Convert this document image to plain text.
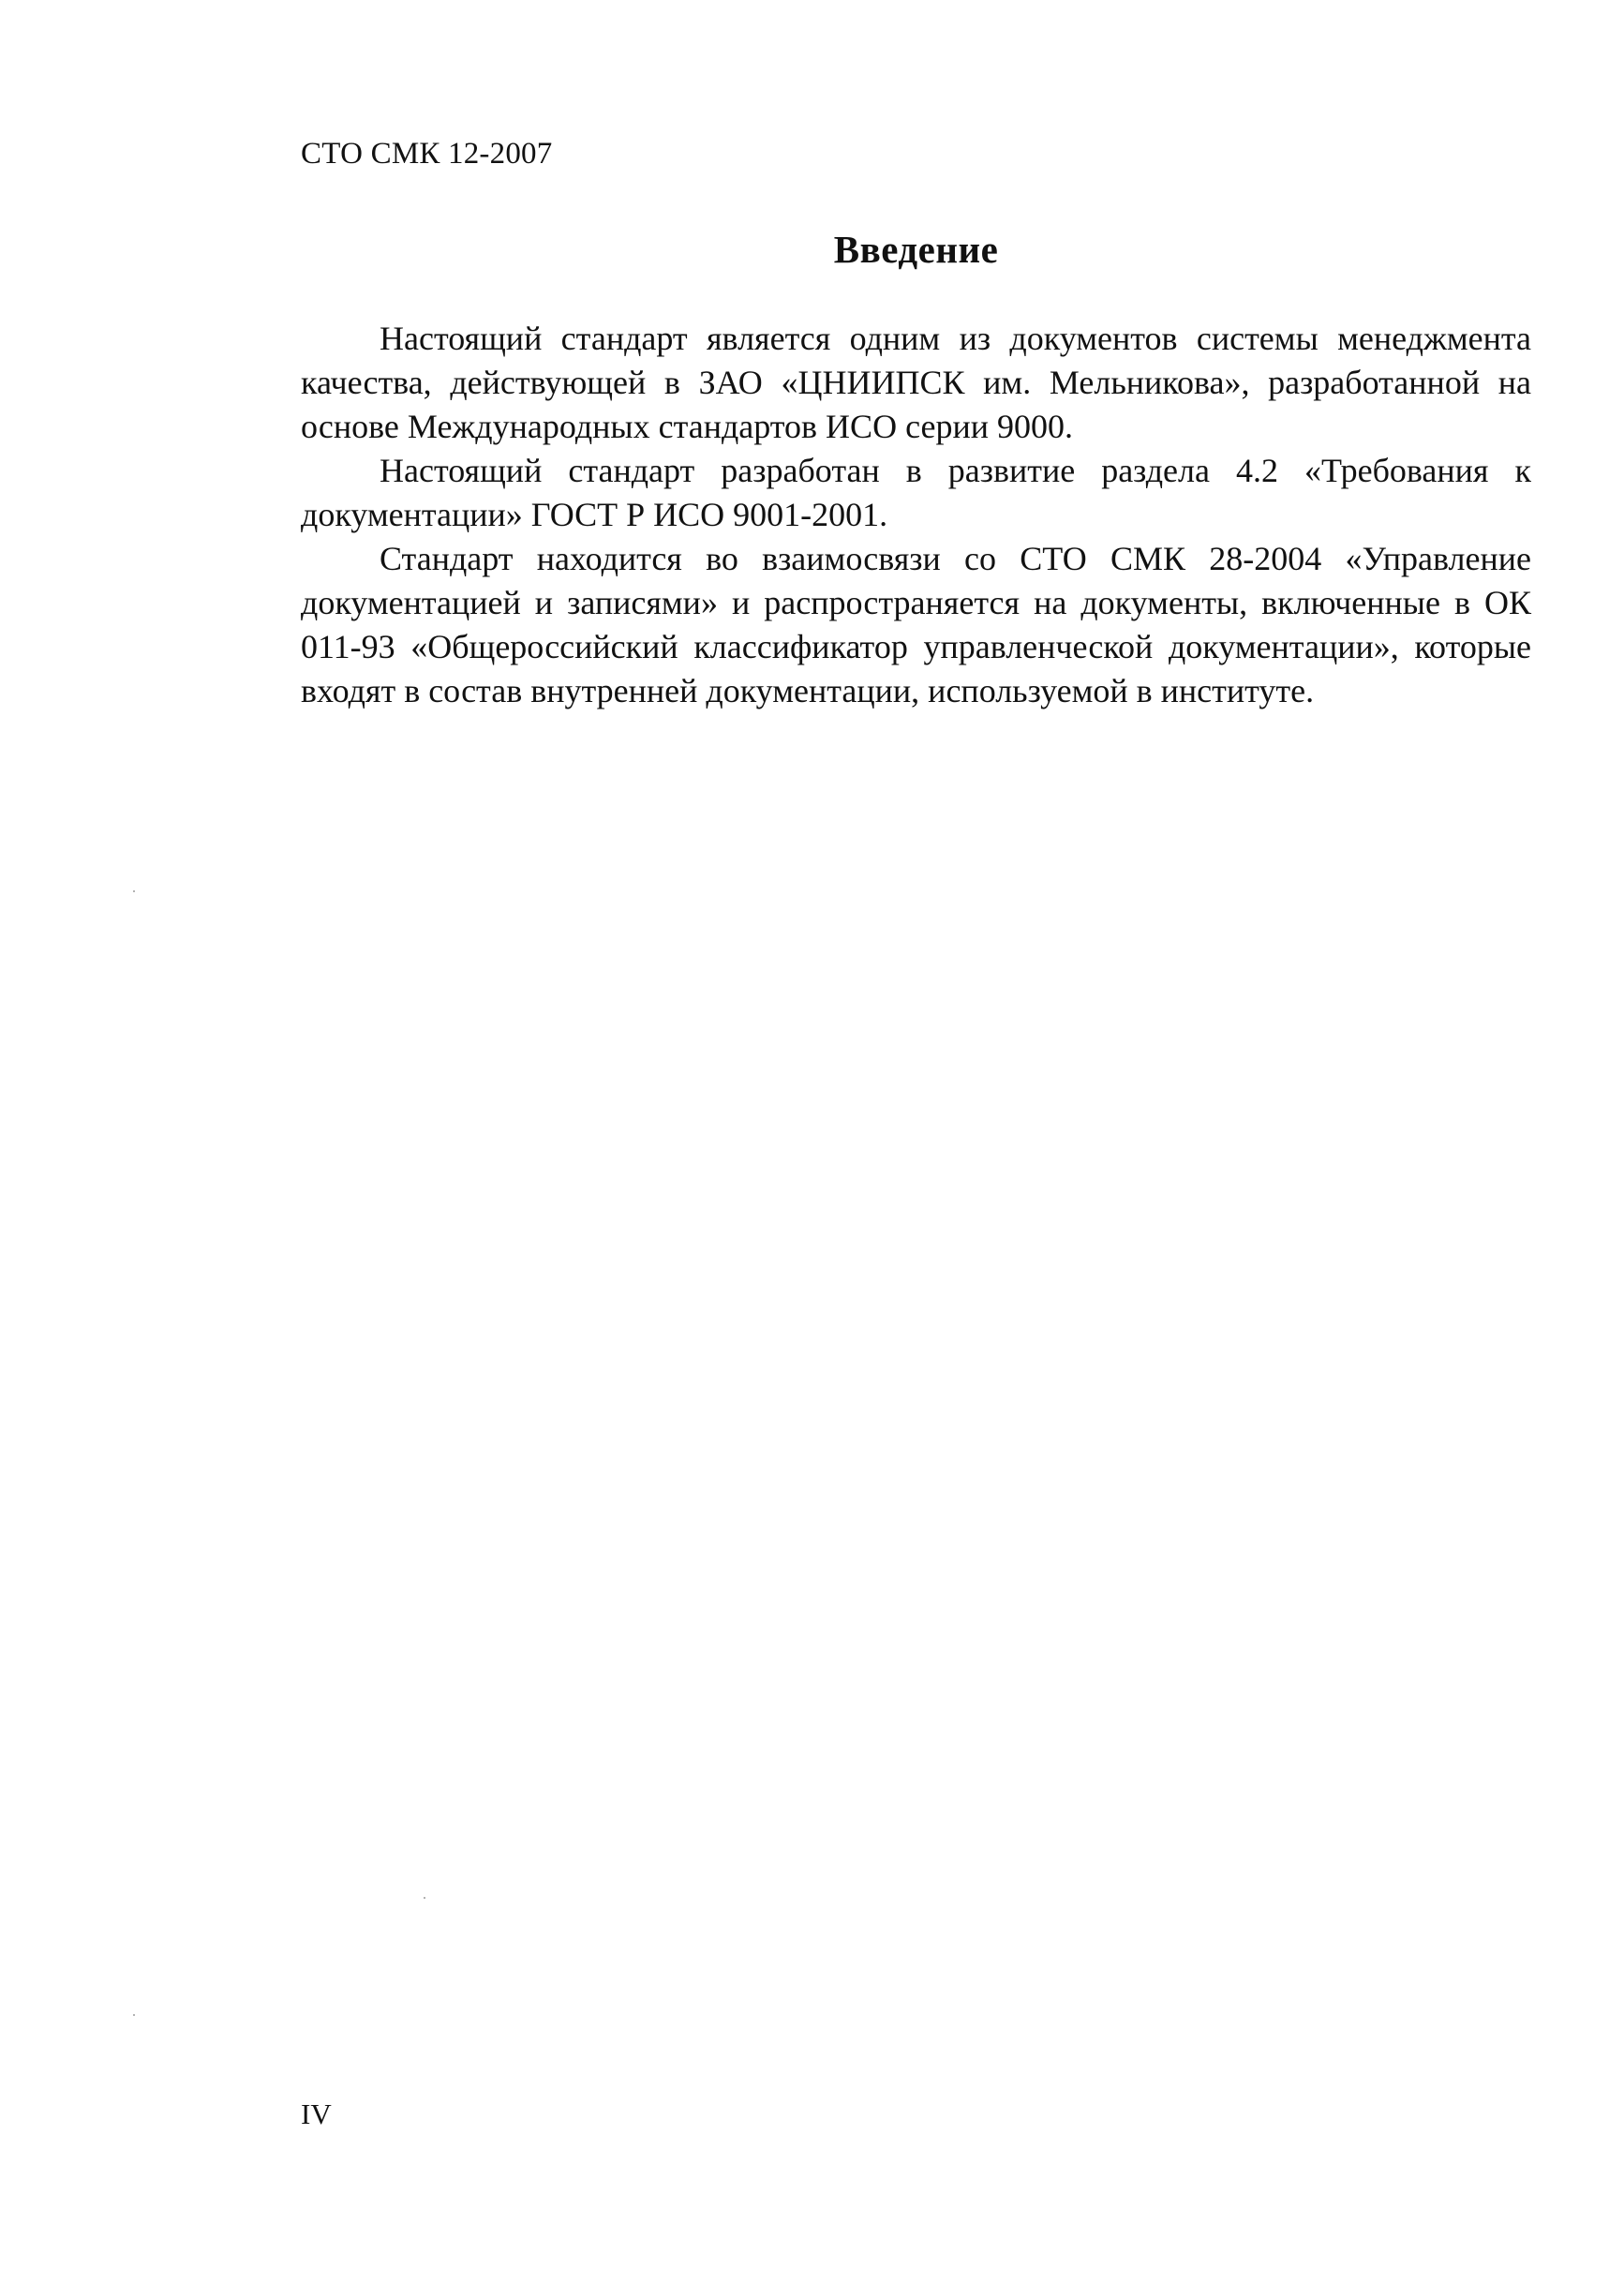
СТО СМК 12-2007
Введение

Настоящий стандарт является одним из документов системы менеджмента качества, действующей в ЗАО «ЦНИИПСК им. Мельникова», разработанной на основе Международных стандартов ИСО серии 9000.

Настоящий стандарт разработан в развитие раздела 4.2 «Требования к документации» ГОСТ Р ИСО 9001-2001.

Стандарт находится во взаимосвязи со СТО СМК 28-2004 «Управление документацией и записями» и распространяется на документы, включенные в ОК 011-93 «Общероссийский классификатор управленческой документации», которые входят в состав внутренней документации, используемой в институте.

IV
